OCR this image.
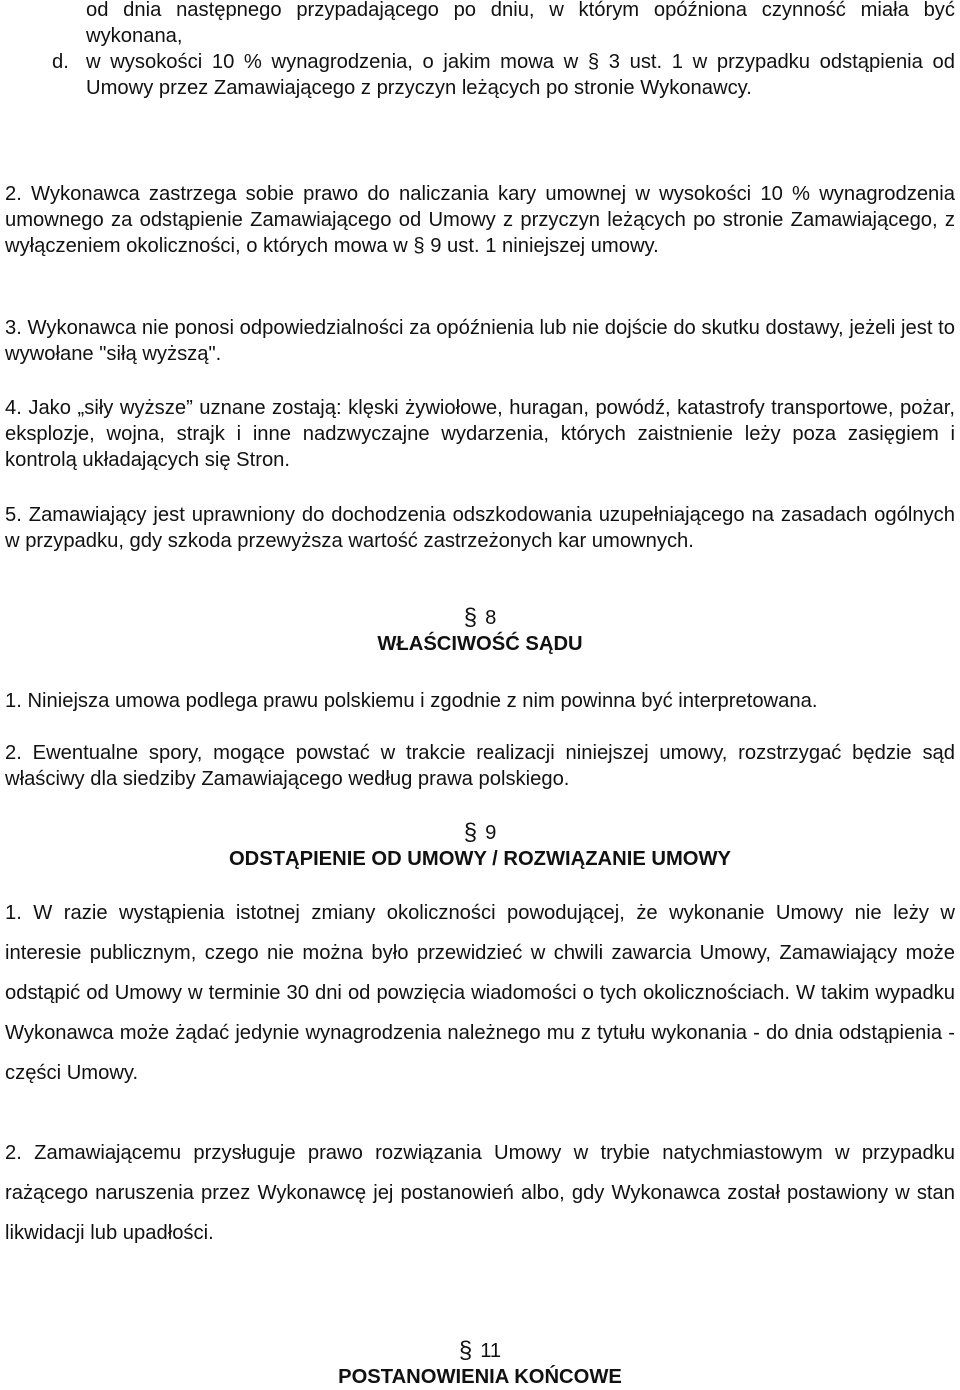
od dnia następnego przypadającego po dniu, w którym opóźniona czynność miała być wykonana,

d. w wysokości 10 % wynagrodzenia, o jakim mowa w § 3 ust. 1 w przypadku odstąpienia od Umowy przez Zamawiającego z przyczyn leżących po stronie Wykonawcy.

2. Wykonawca zastrzega sobie prawo do naliczania kary umownej w wysokości 10 % wynagrodzenia umownego za odstąpienie Zamawiającego od Umowy z przyczyn leżących po stronie Zamawiającego, z wyłączeniem okoliczności, o których mowa w § 9 ust. 1 niniejszej umowy.

3. Wykonawca nie ponosi odpowiedzialności za opóźnienia lub nie dojście do skutku dostawy, jeżeli jest to wywołane "siłą wyższą".

4. Jako „siły wyższe” uznane zostają: klęski żywiołowe, huragan, powódź, katastrofy transportowe, pożar, eksplozje, wojna, strajk i inne nadzwyczajne wydarzenia, których zaistnienie leży poza zasięgiem i kontrolą układających się Stron.

5. Zamawiający jest uprawniony do dochodzenia odszkodowania uzupełniającego na zasadach ogólnych w przypadku, gdy szkoda przewyższa wartość zastrzeżonych kar umownych.

§ 8
WŁAŚCIWOŚĆ SĄDU

1. Niniejsza umowa podlega prawu polskiemu i zgodnie z nim powinna być interpretowana.

2. Ewentualne spory, mogące powstać w trakcie realizacji niniejszej umowy, rozstrzygać będzie sąd właściwy dla siedziby Zamawiającego według prawa polskiego.

§ 9
ODSTĄPIENIE OD UMOWY / ROZWIĄZANIE UMOWY

1. W razie wystąpienia istotnej zmiany okoliczności powodującej, że wykonanie Umowy nie leży w interesie publicznym, czego nie można było przewidzieć w chwili zawarcia Umowy, Zamawiający może odstąpić od Umowy w terminie 30 dni od powzięcia wiadomości o tych okolicznościach. W takim wypadku Wykonawca może żądać jedynie wynagrodzenia należnego mu z tytułu wykonania - do dnia odstąpienia - części Umowy.

2. Zamawiającemu przysługuje prawo rozwiązania Umowy w trybie natychmiastowym w przypadku rażącego naruszenia przez Wykonawcę jej postanowień albo, gdy Wykonawca został postawiony w stan likwidacji lub upadłości.

§ 11
POSTANOWIENIA KOŃCOWE
